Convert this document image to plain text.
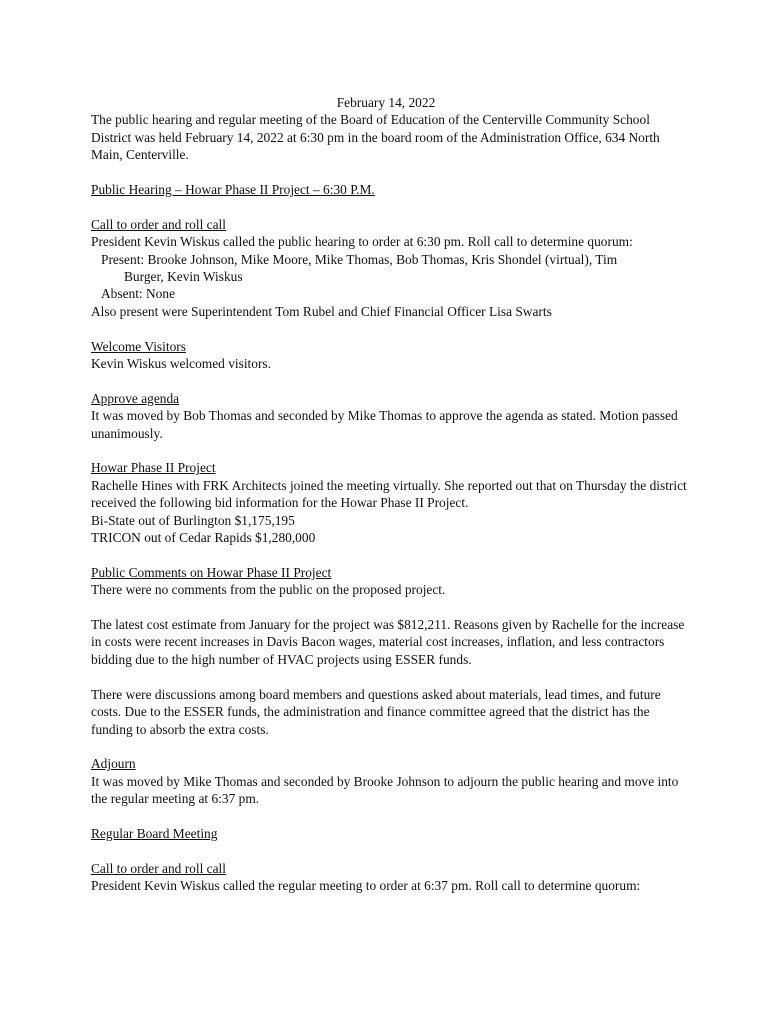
February 14, 2022

The public hearing and regular meeting of the Board of Education of the Centerville Community School District was held February 14, 2022 at 6:30 pm in the board room of the Administration Office, 634 North Main, Centerville.

Public Hearing – Howar Phase II Project – 6:30 P.M.

Call to order and roll call

President Kevin Wiskus called the public hearing to order at 6:30 pm. Roll call to determine quorum:

Present: Brooke Johnson, Mike Moore, Mike Thomas, Bob Thomas, Kris Shondel (virtual), Tim

Burger, Kevin Wiskus

Absent: None

Also present were Superintendent Tom Rubel and Chief Financial Officer Lisa Swarts

Welcome Visitors

Kevin Wiskus welcomed visitors.

Approve agenda

It was moved by Bob Thomas and seconded by Mike Thomas to approve the agenda as stated. Motion passed unanimously.

Howar Phase II Project

Rachelle Hines with FRK Architects joined the meeting virtually. She reported out that on Thursday the district received the following bid information for the Howar Phase II Project.

Bi-State out of Burlington $1,175,195

TRICON out of Cedar Rapids $1,280,000

Public Comments on Howar Phase II Project

There were no comments from the public on the proposed project.

The latest cost estimate from January for the project was $812,211. Reasons given by Rachelle for the increase in costs were recent increases in Davis Bacon wages, material cost increases, inflation, and less contractors bidding due to the high number of HVAC projects using ESSER funds.

There were discussions among board members and questions asked about materials, lead times, and future costs. Due to the ESSER funds, the administration and finance committee agreed that the district has the funding to absorb the extra costs.

Adjourn

It was moved by Mike Thomas and seconded by Brooke Johnson to adjourn the public hearing and move into the regular meeting at 6:37 pm.

Regular Board Meeting

Call to order and roll call

President Kevin Wiskus called the regular meeting to order at 6:37 pm. Roll call to determine quorum:
